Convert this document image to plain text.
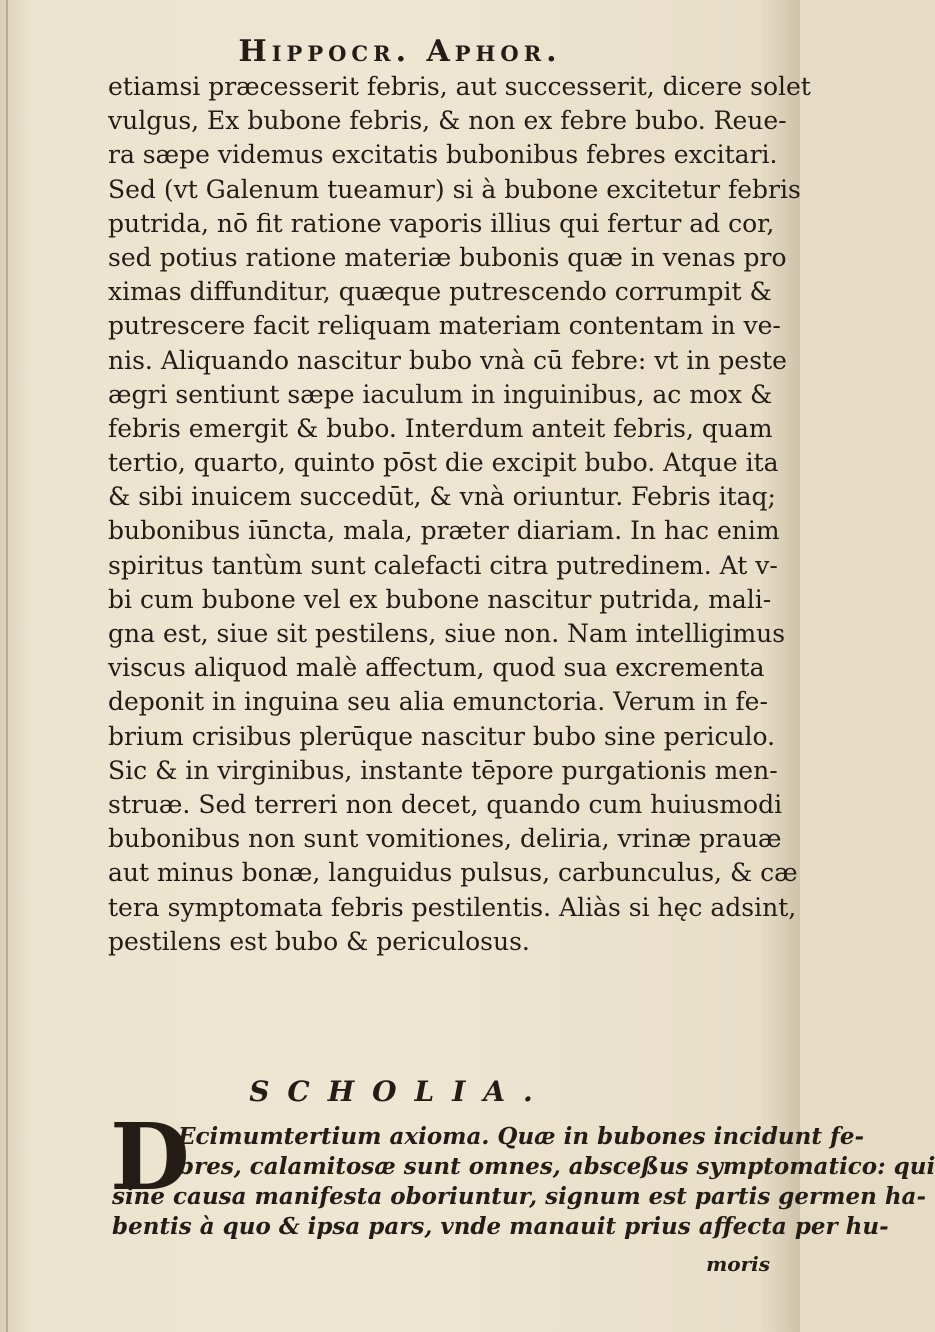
Hippocr. Aphor.
etiamsi præcesserit febris, aut successerit, dicere solet
vulgus, Ex bubone febris, & non ex febre bubo. Reue-
ra sæpe videmus excitatis bubonibus febres excitari.
Sed (vt Galenum tueamur) si à bubone excitetur febris
putrida, nō fit ratione vaporis illius qui fertur ad cor,
sed potius ratione materiæ bubonis quæ in venas pro
ximas diffunditur, quæque putrescendo corrumpit &
putrescere facit reliquam materiam contentam in ve-
nis. Aliquando nascitur bubo vnà cū febre: vt in peste
ægri sentiunt sæpe iaculum in inguinibus, ac mox &
febris emergit & bubo. Interdum anteit febris, quam
tertio, quarto, quinto pōst die excipit bubo. Atque ita
& sibi inuicem succedūt, & vnà oriuntur. Febris itaq;
bubonibus iūncta, mala, præter diariam. In hac enim
spiritus tantùm sunt calefacti citra putredinem. At v-
bi cum bubone vel ex bubone nascitur putrida, mali-
gna est, siue sit pestilens, siue non. Nam intelligimus
viscus aliquod malè affectum, quod sua excrementa
deponit in inguina seu alia emunctoria. Verum in fe-
brium crisibus plerūque nascitur bubo sine periculo.
Sic & in virginibus, instante tēpore purgationis men-
struæ. Sed terreri non decet, quando cum huiusmodi
bubonibus non sunt vomitiones, deliria, vrinæ prauæ
aut minus bonæ, languidus pulsus, carbunculus, & cæ
tera symptomata febris pestilentis. Aliàs si hęc adsint,
pestilens est bubo & periculosus.
SCHOLIA.
D
Ecimumtertium axioma. Quæ in bubones incidunt fe-
bres, calamitosæ sunt omnes, absceßus symptomatico: qui
sine causa manifesta oboriuntur, signum est partis germen ha-
bentis à quo & ipsa pars, vnde manauit prius affecta per hu-
moris
